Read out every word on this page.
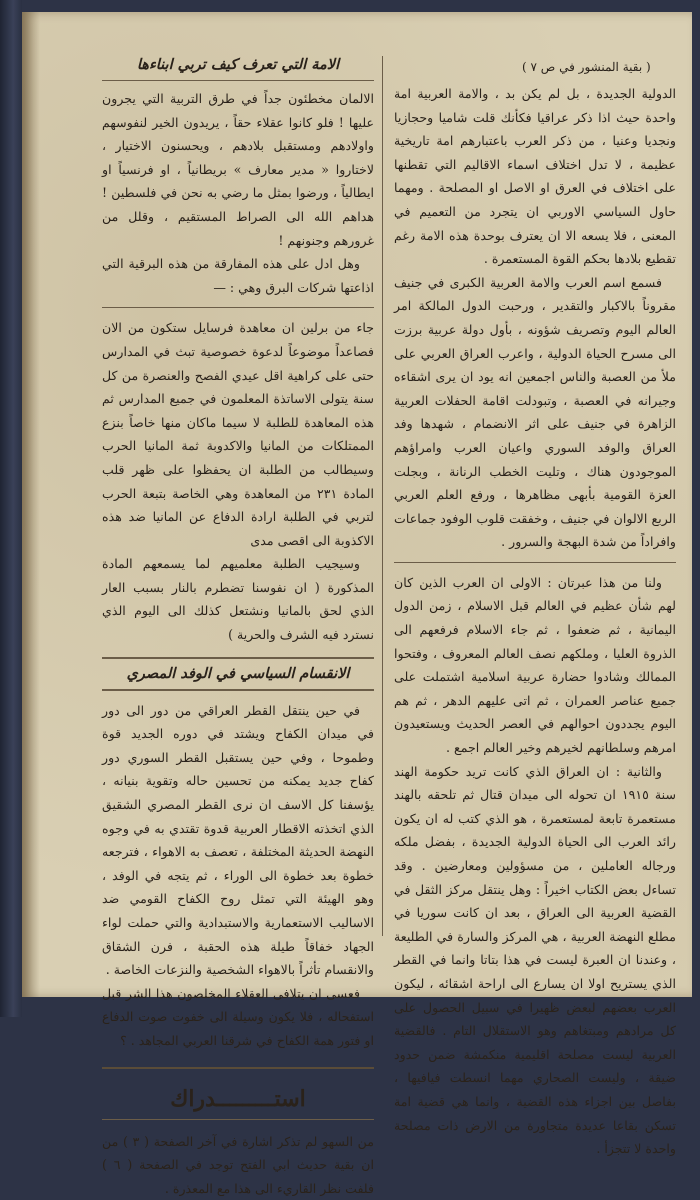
( بقية المنشور في ص ٧ )

الدولية الجديدة ، بل لم يكن بد ، والامة العربية امة واحدة حيث اذا ذكر عراقيا فكأنك قلت شاميا وحجازيا ونجديا وعنيا ، من ذكر العرب باعتبارهم امة تاريخية عظيمة ، لا تدل اختلاف اسماء الاقاليم التي تقطنها على اختلاف في العرق او الاصل او المصلحة . ومهما حاول السياسي الاوربي ان يتجرد من التعميم في المعنى ، فلا يسعه الا ان يعترف بوحدة هذه الامة رغم تقطيع بلادها بحكم القوة المستعمرة .

فسمع اسم العرب والامة العربية الكبرى في جنيف مقروناً بالاكبار والتقدير ، ورحبت الدول المالكة امر العالم اليوم وتصريف شؤونه ، بأول دولة عربية برزت الى مسرح الحياة الدولية ، واعرب العراق العربي على ملأ من العصبة والناس اجمعين انه يود ان يرى اشقاءه وجيرانه في العصبة ، وتبودلت اقامة الحفلات العربية الزاهرة في جنيف على اثر الانضمام ، شهدها وفد العراق والوفد السوري واعيان العرب وامراؤهم الموجودون هناك ، وتليت الخطب الرنانة ، وبجلت العزة القومية بأبهى مظاهرها ، ورفع العلم العربي الربع الالوان في جنيف ، وخفقت قلوب الوفود جماعات وافراداً من شدة البهجة والسرور .

ولنا من هذا عبرتان : الاولى ان العرب الذين كان لهم شأن عظيم في العالم قبل الاسلام ، زمن الدول اليمانية ، ثم ضعفوا ، ثم جاء الاسلام فرفعهم الى الذروة العليا ، وملكهم نصف العالم المعروف ، وفتحوا الممالك وشادوا حضارة عربية اسلامية اشتملت على جميع عناصر العمران ، ثم اتى عليهم الدهر ، ثم هم اليوم يجددون احوالهم في العصر الحديث ويستعيدون امرهم وسلطانهم لخيرهم وخير العالم اجمع .

والثانية : ان العراق الذي كانت تريد حكومة الهند سنة ١٩١٥ ان تحوله الى ميدان قتال ثم تلحقه بالهند مستعمرة تابعة لمستعمرة ، هو الذي كتب له ان يكون رائد العرب الى الحياة الدولية الجديدة ، بفضل ملكه ورجاله العاملين ، من مسؤولين ومعارضين . وقد تساءل بعض الكتاب اخيراً : وهل ينتقل مركز الثقل في القضية العربية الى العراق ، بعد ان كانت سوريا في مطلع النهضة العربية ، هي المركز والسارة في الطليعة ، وعندنا ان العبرة ليست في هذا بتاتا وانما في القطر الذي يستريح اولا ان يسارع الى اراحة اشقائه ، ليكون العرب بعضهم لبعض ظهيرا في سبيل الحصول على كل مرادهم ومبتغاهم وهو الاستقلال التام . فالقضية العربية ليست مصلحة اقليمية منكمشة ضمن حدود ضيقة ، وليست الصحاري مهما انسطت فيافيها ، بفاصل بين اجزاء هذه القضية ، وانما هي قضية امة تسكن بقاعا عديدة متجاورة من الارض ذات مصلحة واحدة لا تتجزأ .

الامة التي تعرف كيف تربي ابناءها

الالمان مخطئون جداً في طرق التربية التي يجرون عليها ! فلو كانوا عقلاء حقاً ، يريدون الخير لنفوسهم واولادهم ومستقبل بلادهم ، ويحسنون الاختيار ، لاختاروا « مدير معارف » بريطانياً ، او فرنسياً او ايطالياً ، ورضوا بمثل ما رضي به نحن في فلسطين ! هداهم الله الى الصراط المستقيم ، وقلل من غرورهم وجنونهم !

وهل ادل على هذه المفارقة من هذه البرقية التي اذاعتها شركات البرق وهي : —

جاء من برلين ان معاهدة فرسايل ستكون من الان فصاعداً موضوعاً لدعوة خصوصية تبث في المدارس حتى على كراهية اقل عيدي الفصح والعنصرة من كل سنة يتولى الاساتذة المعلمون في جميع المدارس ثم هذه المعاهدة للطلبة لا سيما ماكان منها خاصاً بنزع الممتلكات من المانيا والاكدوبة ثمة المانيا الحرب وسيطالب من الطلبة ان يحفظوا على ظهر قلب المادة ٢٣١ من المعاهدة وهي الخاصة بتبعة الحرب لتربي في الطلبة ارادة الدفاع عن المانيا ضد هذه الاكذوبة الى اقصى مدى

وسيجيب الطلبة معلميهم لما يسمعهم المادة المذكورة ( ان نفوسنا تضطرم بالنار بسبب العار الذي لحق بالمانيا ونشتعل كذلك الى اليوم الذي نسترد فيه الشرف والحرية )

الانقسام السياسي في الوفد المصري

في حين ينتقل القطر العراقي من دور الى دور في ميدان الكفاح ويشتد في دوره الجديد قوة وطموحا ، وفي حين يستقبل القطر السوري دور كفاح جديد يمكنه من تحسين حاله وتقوية بنيانه ، يؤسفنا كل الاسف ان نرى القطر المصري الشقيق الذي اتخذته الاقطار العربية قدوة تقتدي به في وجوه النهضة الحديثة المختلفة ، تعصف به الاهواء ، فترجعه خطوة بعد خطوة الى الوراء ، ثم يتجه في الوفد ، وهو الهيئة التي تمثل روح الكفاح القومي ضد الاساليب الاستعمارية والاستبدادية والتي حملت لواء الجهاد خفاقاً طيلة هذه الحقبة ، فرن الشقاق والانقسام تأثراً بالاهواء الشخصية والنزعات الخاصة .

فعسى ان يتلافى العقلاء المخلصون هذا الشر قبل استفحاله ، فلا يكون وسيلة الى خفوت صوت الدفاع او فتور همة الكفاح في شرقنا العربي المجاهد . ؟

استـــــــــدراك

من السهو لم تذكر اشارة في آخر الصفحة ( ٣ ) من ان بقية حديث ابي الفتح توجد في الصفحة ( ٦ ) فلفت نظر القاريء الى هذا مع المعذرة .
